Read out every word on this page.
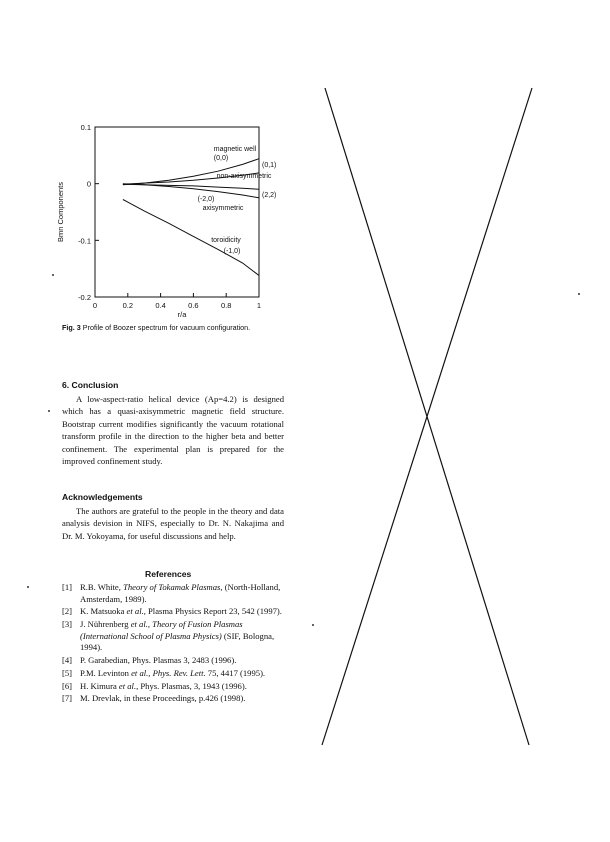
0	0.2	0.4	0.6	0.8	1
0.1
0
-0.1
-0.2
r/a
Bmn Components
magnetic well
(0,0)
(0,1)
non-axisymmetric
(2,2)
(-2,0)
axisymmetric
toroidicity
(-1,0)
Fig. 3 Profile of Boozer spectrum for vacuum configuration.
6. Conclusion
A low-aspect-ratio helical device (Ap=4.2) is designed which has a quasi-axisymmetric magnetic field structure. Bootstrap current modifies significantly the vacuum rotational transform profile in the direction to the higher beta and better confinement. The experimental plan is prepared for the improved confinement study.
Acknowledgements
The authors are grateful to the people in the theory and data analysis devision in NIFS, especially to Dr. N. Nakajima and Dr. M. Yokoyama, for useful discussions and help.
References
[1] R.B. White, Theory of Tokamak Plasmas, (North-Holland, Amsterdam, 1989).
[2] K. Matsuoka et al., Plasma Physics Report 23, 542 (1997).
[3] J. Nührenberg et al., Theory of Fusion Plasmas (International School of Plasma Physics) (SIF, Bologna, 1994).
[4] P. Garabedian, Phys. Plasmas 3, 2483 (1996).
[5] P.M. Levinton et al., Phys. Rev. Lett. 75, 4417 (1995).
[6] H. Kimura et al., Phys. Plasmas, 3, 1943 (1996).
[7] M. Drevlak, in these Proceedings, p.426 (1998).
